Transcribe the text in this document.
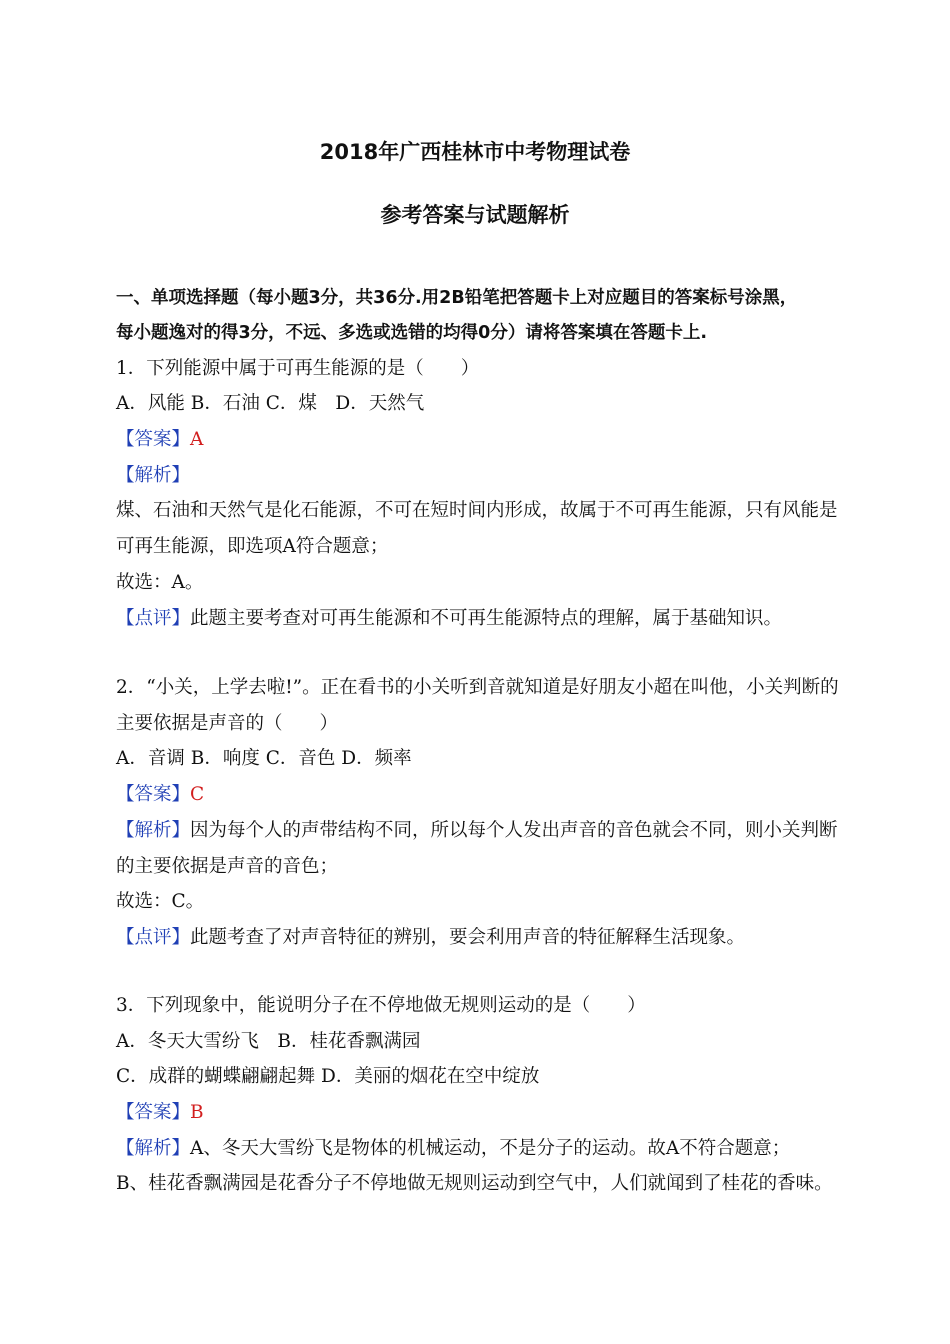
2018年广西桂林市中考物理试卷
参考答案与试题解析
一、单项选择题（每小题3分，共36分.用2B铅笔把答题卡上对应题目的答案标号涂黑，
每小题逸对的得3分，不远、多选或选错的均得0分）请将答案填在答题卡上.
1．下列能源中属于可再生能源的是（　　）
A．风能 B．石油 C．煤　D．天然气
【答案】A
【解析】
煤、石油和天然气是化石能源，不可在短时间内形成，故属于不可再生能源，只有风能是
可再生能源，即选项A符合题意；
故选：A。
【点评】此题主要考查对可再生能源和不可再生能源特点的理解，属于基础知识。
2．“小关，上学去啦!”。正在看书的小关听到音就知道是好朋友小超在叫他，小关判断的
主要依据是声音的（　　）
A．音调 B．响度 C．音色 D．频率
【答案】C
【解析】因为每个人的声带结构不同，所以每个人发出声音的音色就会不同，则小关判断
的主要依据是声音的音色；
故选：C。
【点评】此题考查了对声音特征的辨别，要会利用声音的特征解释生活现象。
3．下列现象中，能说明分子在不停地做无规则运动的是（　　）
A．冬天大雪纷飞　B．桂花香飘满园
C．成群的蝴蝶翩翩起舞 D．美丽的烟花在空中绽放
【答案】B
【解析】A、冬天大雪纷飞是物体的机械运动，不是分子的运动。故A不符合题意；
B、桂花香飘满园是花香分子不停地做无规则运动到空气中，人们就闻到了桂花的香味。
